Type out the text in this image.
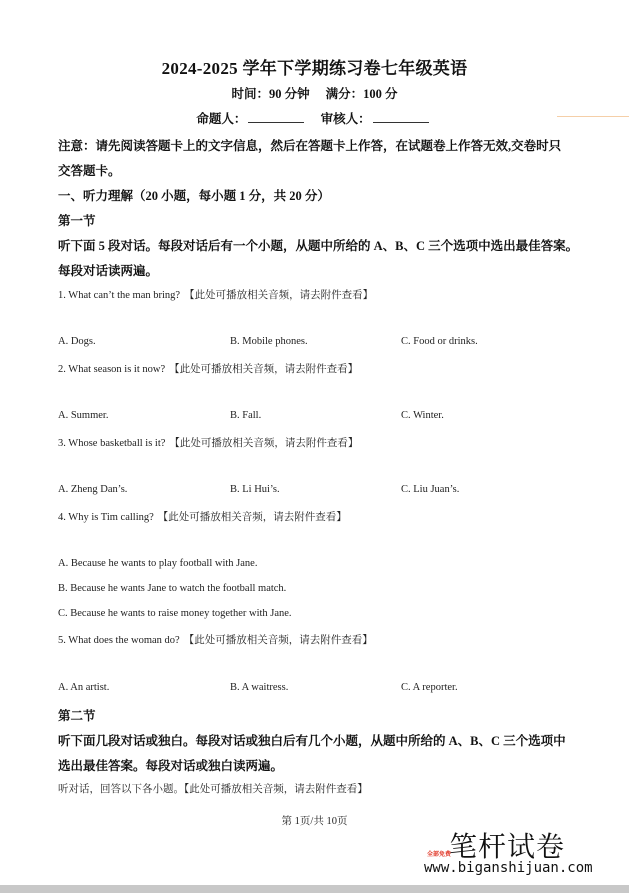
2024-2025 学年下学期练习卷七年级英语
时间：90 分钟 满分：100 分
命题人：	审核人：
注意：请先阅读答题卡上的文字信息，然后在答题卡上作答，在试题卷上作答无效,交卷时只
交答题卡。
一、听力理解（20 小题，每小题 1 分，共 20 分）
第一节
听下面 5 段对话。每段对话后有一个小题，从题中所给的 A、B、C 三个选项中选出最佳答案。
每段对话读两遍。
1. What can’t the man bring? 【此处可播放相关音频，请去附件查看】
A. Dogs.	B. Mobile phones.	C. Food or drinks.
2. What season is it now? 【此处可播放相关音频，请去附件查看】
A. Summer.	B. Fall.	C. Winter.
3. Whose basketball is it? 【此处可播放相关音频，请去附件查看】
A. Zheng Dan’s.	B. Li Hui’s.	C. Liu Juan’s.
4. Why is Tim calling? 【此处可播放相关音频，请去附件查看】
A. Because he wants to play football with Jane.
B. Because he wants Jane to watch the football match.
C. Because he wants to raise money together with Jane.
5. What does the woman do? 【此处可播放相关音频，请去附件查看】
A. An artist.	B. A waitress.	C. A reporter.
第二节
听下面几段对话或独白。每段对话或独白后有几个小题，从题中所给的 A、B、C 三个选项中
选出最佳答案。每段对话或独白读两遍。
听对话，回答以下各小题。【此处可播放相关音频，请去附件查看】
第 1页/共 10页
笔杆试卷
全部免费
www.biganshijuan.com
